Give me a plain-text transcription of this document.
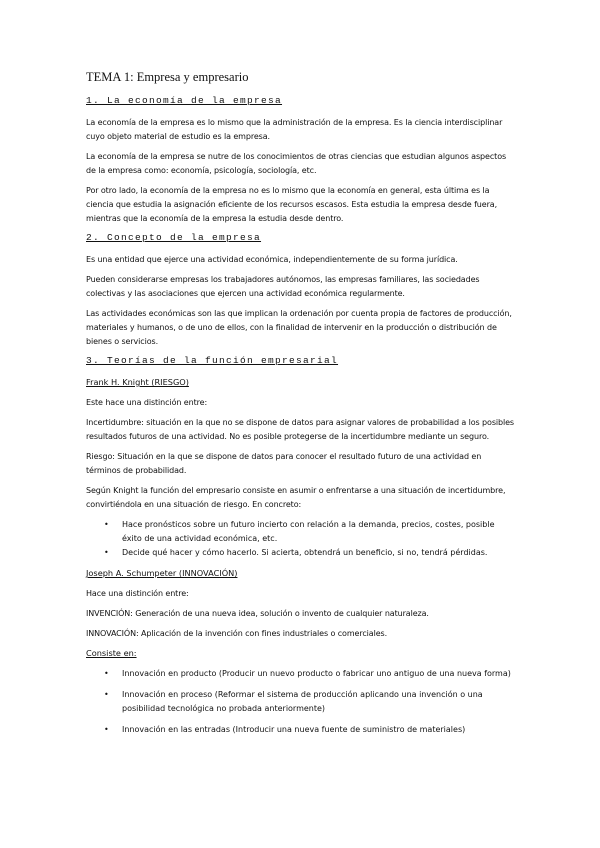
TEMA 1: Empresa y empresario
1. La economía de la empresa

La economía de la empresa es lo mismo que la administración de la empresa. Es la ciencia interdisciplinar cuyo objeto material de estudio es la empresa.

La economía de la empresa se nutre de los conocimientos de otras ciencias que estudian algunos aspectos de la empresa como: economía, psicología, sociología, etc.

Por otro lado, la economía de la empresa no es lo mismo que la economía en general, esta última es la ciencia que estudia la asignación eficiente de los recursos escasos. Esta estudia la empresa desde fuera, mientras que la economía de la empresa la estudia desde dentro.

2. Concepto de la empresa

Es una entidad que ejerce una actividad económica, independientemente de su forma jurídica.

Pueden considerarse empresas los trabajadores autónomos, las empresas familiares, las sociedades colectivas y las asociaciones que ejercen una actividad económica regularmente.

Las actividades económicas son las que implican la ordenación por cuenta propia de factores de producción, materiales y humanos, o de uno de ellos, con la finalidad de intervenir en la producción o distribución de bienes o servicios.

3. Teorías de la función empresarial
Frank H. Knight (RIESGO)

Este hace una distinción entre:

Incertidumbre: situación en la que no se dispone de datos para asignar valores de probabilidad a los posibles resultados futuros de una actividad. No es posible protegerse de la incertidumbre mediante un seguro.

Riesgo: Situación en la que se dispone de datos para conocer el resultado futuro de una actividad en términos de probabilidad.

Según Knight la función del empresario consiste en asumir o enfrentarse a una situación de incertidumbre, convirtiéndola en una situación de riesgo. En concreto:

• Hace pronósticos sobre un futuro incierto con relación a la demanda, precios, costes, posible éxito de una actividad económica, etc.
• Decide qué hacer y cómo hacerlo. Si acierta, obtendrá un beneficio, si no, tendrá pérdidas.
Joseph A. Schumpeter (INNOVACIÓN)

Hace una distinción entre:

INVENCIÓN: Generación de una nueva idea, solución o invento de cualquier naturaleza.

INNOVACIÓN: Aplicación de la invención con fines industriales o comerciales.

Consiste en:
• Innovación en producto (Producir un nuevo producto o fabricar uno antiguo de una nueva forma)
• Innovación en proceso (Reformar el sistema de producción aplicando una invención o una posibilidad tecnológica no probada anteriormente)
• Innovación en las entradas (Introducir una nueva fuente de suministro de materiales)
